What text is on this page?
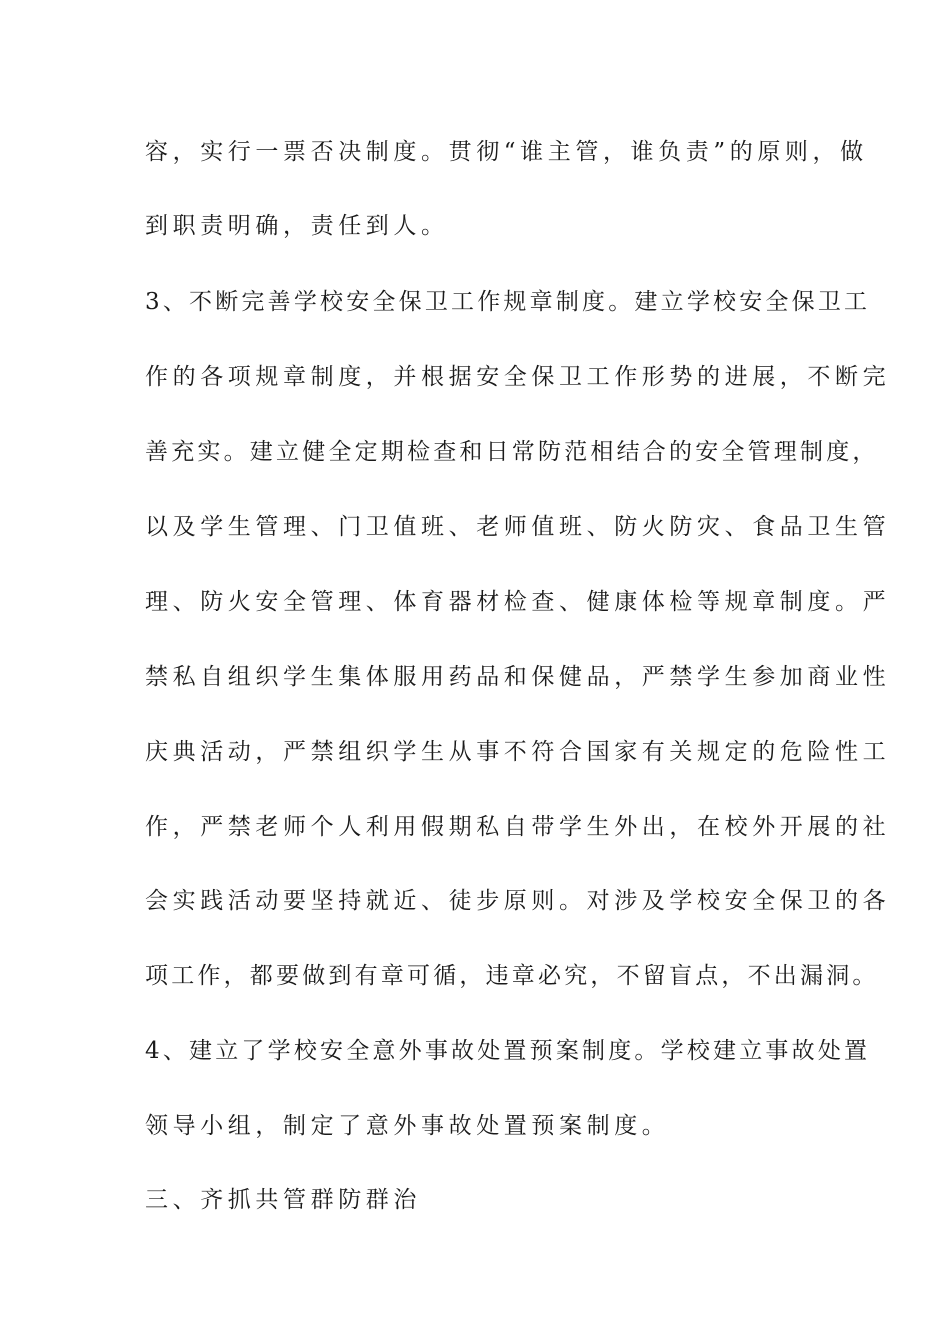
容，实行一票否决制度。贯彻“谁主管，谁负责”的原则，做
到职责明确，责任到人。
3、不断完善学校安全保卫工作规章制度。建立学校安全保卫工
作的各项规章制度，并根据安全保卫工作形势的进展，不断完
善充实。建立健全定期检查和日常防范相结合的安全管理制度，
以及学生管理、门卫值班、老师值班、防火防灾、食品卫生管
理、防火安全管理、体育器材检查、健康体检等规章制度。严
禁私自组织学生集体服用药品和保健品，严禁学生参加商业性
庆典活动，严禁组织学生从事不符合国家有关规定的危险性工
作，严禁老师个人利用假期私自带学生外出，在校外开展的社
会实践活动要坚持就近、徒步原则。对涉及学校安全保卫的各
项工作，都要做到有章可循，违章必究，不留盲点，不出漏洞。
4、建立了学校安全意外事故处置预案制度。学校建立事故处置
领导小组，制定了意外事故处置预案制度。
三、齐抓共管群防群治
